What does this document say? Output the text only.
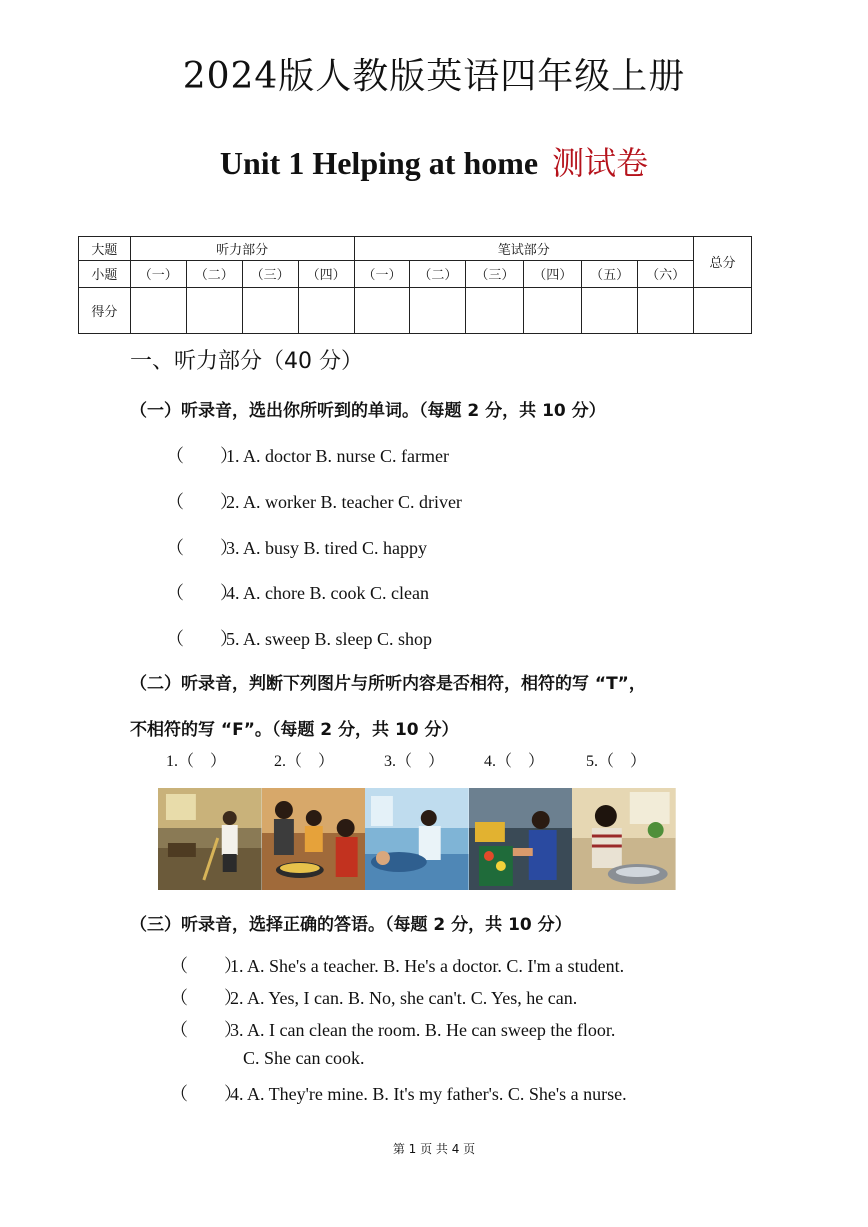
2024版人教版英语四年级上册
Unit 1 Helping at home 测试卷
大题	听力部分				笔试部分						总分
小题	（一）	（二）	（三）	（四）	（一）	（二）	（三）	（四）	（五）	（六）	
得分											
一、听力部分（40 分）
（一）听录音，选出你所听到的单词。（每题 2 分，共 10 分）
（　　）1. A. doctor B. nurse C. farmer
（　　）2. A. worker B. teacher C. driver
（　　）3. A. busy B. tired C. happy
（　　）4. A. chore B. cook C. clean
（　　）5. A. sweep B. sleep C. shop
（二）听录音，判断下列图片与所听内容是否相符，相符的写 “T”，
不相符的写 “F”。（每题 2 分，共 10 分）
1.（　）	2.（　）	3.（　） 4.（　）	5.（　）
（三）听录音，选择正确的答语。（每题 2 分，共 10 分）
（　　）1. A. She's a teacher. B. He's a doctor. C. I'm a student.
（　　）2. A. Yes, I can. B. No, she can't. C. Yes, he can.
（　　）3. A. I can clean the room. B. He can sweep the floor.
C. She can cook.
（　　）4. A. They're mine. B. It's my father's. C. She's a nurse.
第 1 页 共 4 页
